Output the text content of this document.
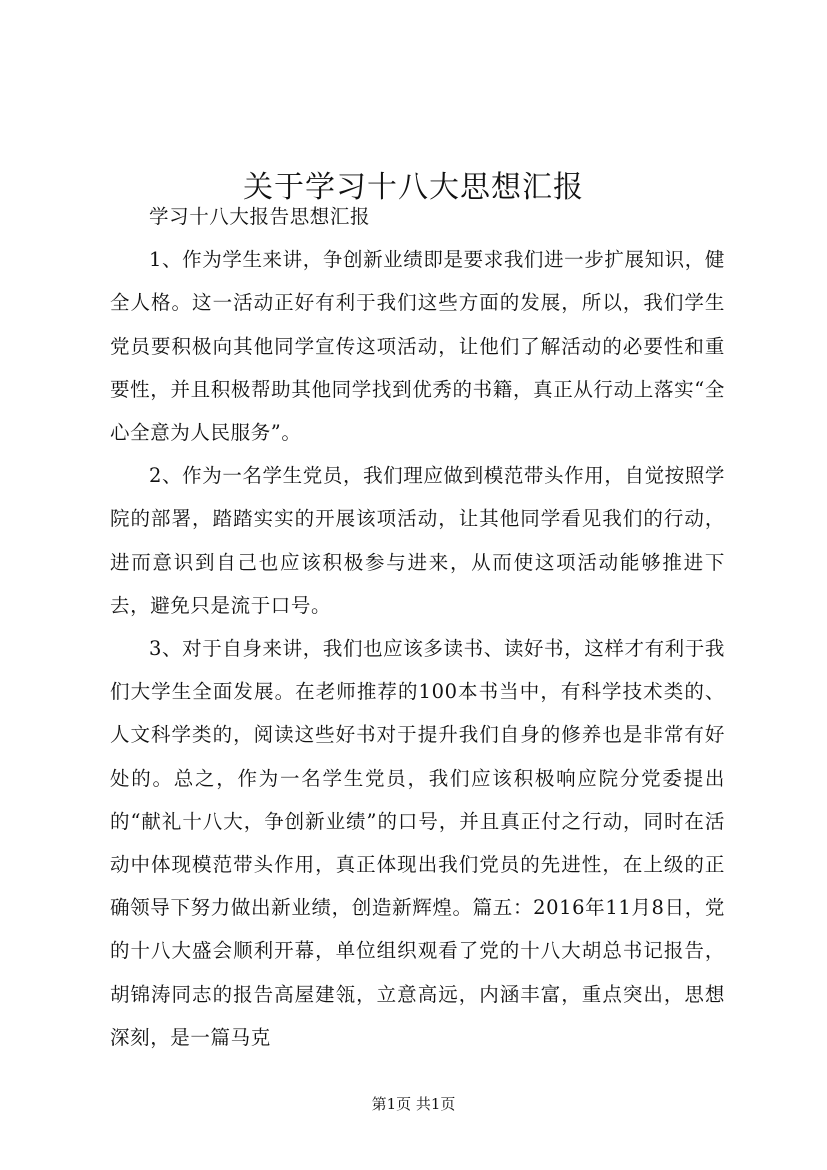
关于学习十八大思想汇报

学习十八大报告思想汇报

1、作为学生来讲，争创新业绩即是要求我们进一步扩展知识，健全人格。这一活动正好有利于我们这些方面的发展，所以，我们学生党员要积极向其他同学宣传这项活动，让他们了解活动的必要性和重要性，并且积极帮助其他同学找到优秀的书籍，真正从行动上落实“全心全意为人民服务”。

2、作为一名学生党员，我们理应做到模范带头作用，自觉按照学院的部署，踏踏实实的开展该项活动，让其他同学看见我们的行动，进而意识到自己也应该积极参与进来，从而使这项活动能够推进下去，避免只是流于口号。

3、对于自身来讲，我们也应该多读书、读好书，这样才有利于我们大学生全面发展。在老师推荐的100本书当中，有科学技术类的、人文科学类的，阅读这些好书对于提升我们自身的修养也是非常有好处的。总之，作为一名学生党员，我们应该积极响应院分党委提出的“献礼十八大，争创新业绩”的口号，并且真正付之行动，同时在活动中体现模范带头作用，真正体现出我们党员的先进性，在上级的正确领导下努力做出新业绩，创造新辉煌。篇五：2016年11月8日，党的十八大盛会顺利开幕，单位组织观看了党的十八大胡总书记报告，胡锦涛同志的报告高屋建瓴，立意高远，内涵丰富，重点突出，思想深刻，是一篇马克

第1页 共1页
